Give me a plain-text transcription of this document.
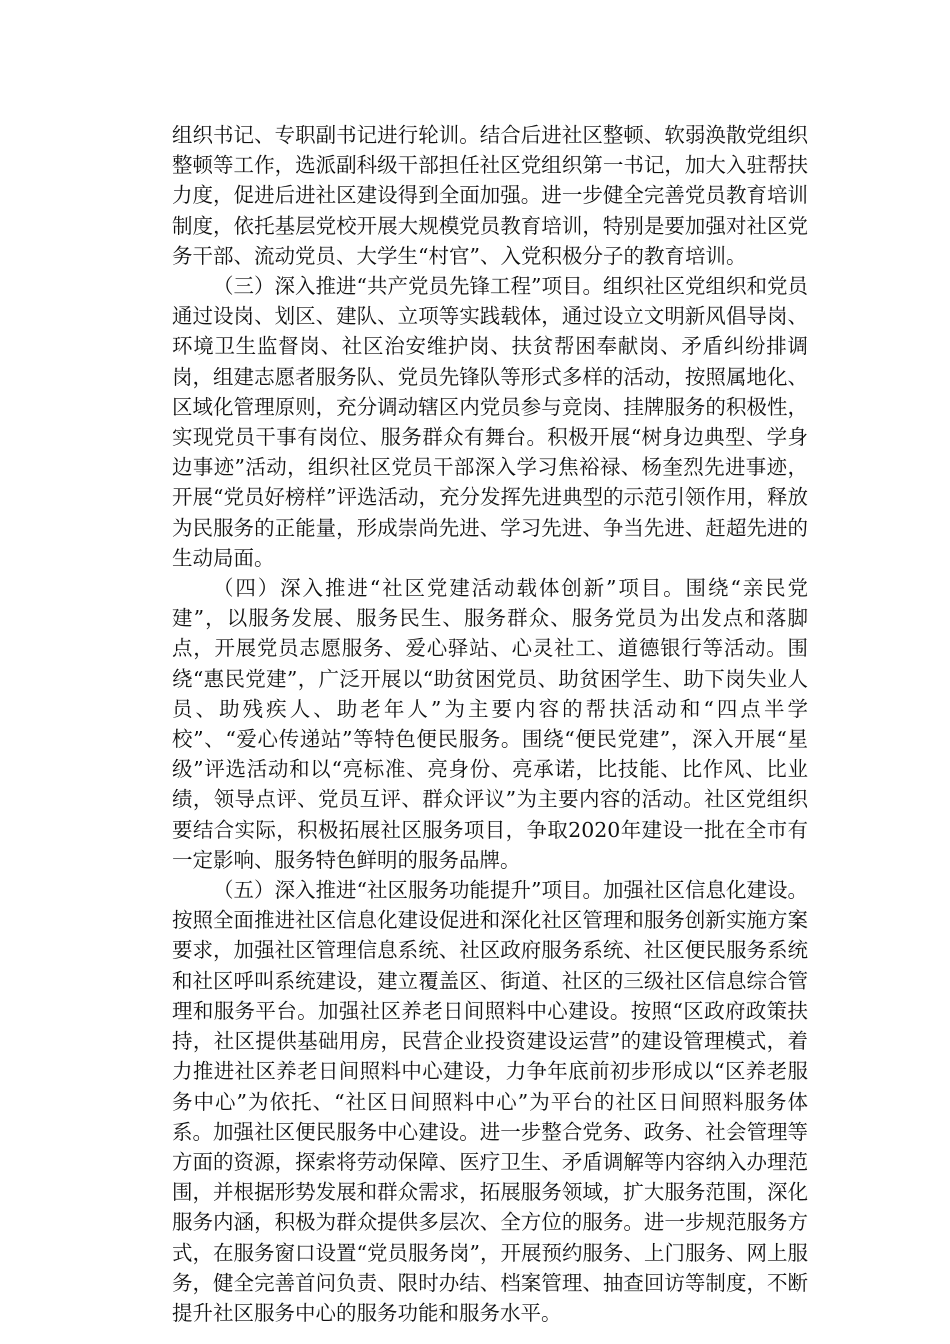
组织书记、专职副书记进行轮训。结合后进社区整顿、软弱涣散党组织整顿等工作，选派副科级干部担任社区党组织第一书记，加大入驻帮扶力度，促进后进社区建设得到全面加强。进一步健全完善党员教育培训制度，依托基层党校开展大规模党员教育培训，特别是要加强对社区党务干部、流动党员、大学生“村官”、入党积极分子的教育培训。

（三）深入推进“共产党员先锋工程”项目。组织社区党组织和党员通过设岗、划区、建队、立项等实践载体，通过设立文明新风倡导岗、环境卫生监督岗、社区治安维护岗、扶贫帮困奉献岗、矛盾纠纷排调岗，组建志愿者服务队、党员先锋队等形式多样的活动，按照属地化、区域化管理原则，充分调动辖区内党员参与竞岗、挂牌服务的积极性，实现党员干事有岗位、服务群众有舞台。积极开展“树身边典型、学身边事迹”活动，组织社区党员干部深入学习焦裕禄、杨奎烈先进事迹，开展“党员好榜样”评选活动，充分发挥先进典型的示范引领作用，释放为民服务的正能量，形成崇尚先进、学习先进、争当先进、赶超先进的生动局面。

（四）深入推进“社区党建活动载体创新”项目。围绕“亲民党建”，以服务发展、服务民生、服务群众、服务党员为出发点和落脚点，开展党员志愿服务、爱心驿站、心灵社工、道德银行等活动。围绕“惠民党建”，广泛开展以“助贫困党员、助贫困学生、助下岗失业人员、助残疾人、助老年人”为主要内容的帮扶活动和“四点半学校”、“爱心传递站”等特色便民服务。围绕“便民党建”，深入开展“星级”评选活动和以“亮标准、亮身份、亮承诺，比技能、比作风、比业绩，领导点评、党员互评、群众评议”为主要内容的活动。社区党组织要结合实际，积极拓展社区服务项目，争取2020年建设一批在全市有一定影响、服务特色鲜明的服务品牌。

（五）深入推进“社区服务功能提升”项目。加强社区信息化建设。按照全面推进社区信息化建设促进和深化社区管理和服务创新实施方案要求，加强社区管理信息系统、社区政府服务系统、社区便民服务系统和社区呼叫系统建设，建立覆盖区、街道、社区的三级社区信息综合管理和服务平台。加强社区养老日间照料中心建设。按照“区政府政策扶持，社区提供基础用房，民营企业投资建设运营”的建设管理模式，着力推进社区养老日间照料中心建设，力争年底前初步形成以“区养老服务中心”为依托、“社区日间照料中心”为平台的社区日间照料服务体系。加强社区便民服务中心建设。进一步整合党务、政务、社会管理等方面的资源，探索将劳动保障、医疗卫生、矛盾调解等内容纳入办理范围，并根据形势发展和群众需求，拓展服务领域，扩大服务范围，深化服务内涵，积极为群众提供多层次、全方位的服务。进一步规范服务方式，在服务窗口设置“党员服务岗”，开展预约服务、上门服务、网上服务，健全完善首问负责、限时办结、档案管理、抽查回访等制度，不断提升社区服务中心的服务功能和服务水平。
